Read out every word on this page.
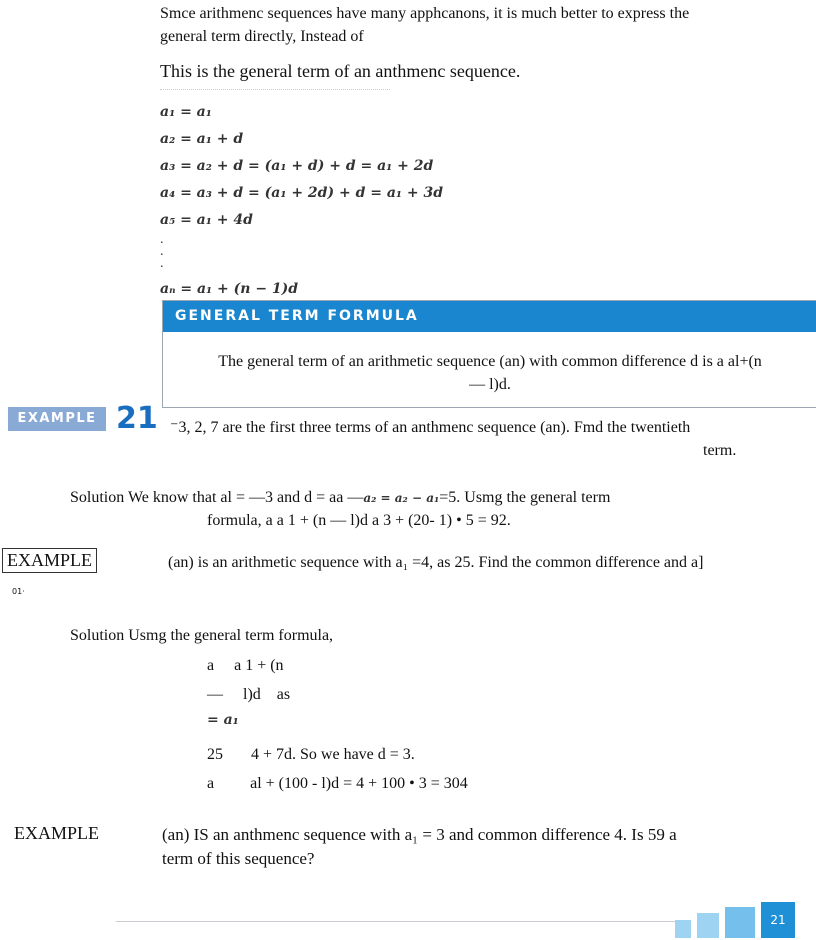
Smce arithmenc sequences have many apphcanons, it is much better to express the
general term directly, Instead of
This is the general term of an anthmenc sequence.
a₁ = a₁
a₂ = a₁ + d
a₃ = a₂ + d = (a₁ + d) + d = a₁ + 2d
a₄ = a₃ + d = (a₁ + 2d) + d = a₁ + 3d
a₅ = a₁ + 4d
.
.
.
aₙ = a₁ + (n − 1)d
GENERAL TERM FORMULA
The general term of an arithmetic sequence (an) with common difference d is a al+(n
— l)d.
EXAMPLE 21 ⁻3, 2, 7 are the first three terms of an anthmenc sequence (an). Fmd the twentieth
term.
Solution We know that al = —3 and d = aa —a₂ = a₂ − a₁=5. Usmg the general term
formula, a a 1 + (n — l)d a 3 + (20- 1) • 5 = 92.
EXAMPLE	(an) is an arithmetic sequence with a₁ =4, as 25. Find the common difference and a]
01·
Solution Usmg the general term formula,
a     a 1 + (n
—     l)d    as
= a₁
25       4 + 7d. So we have d = 3.
a         al + (100 - l)d = 4 + 100 • 3 = 304
EXAMPLE	(an) IS an anthmenc sequence with a₁ = 3 and common difference 4. Is 59 a
term of this sequence?
21
